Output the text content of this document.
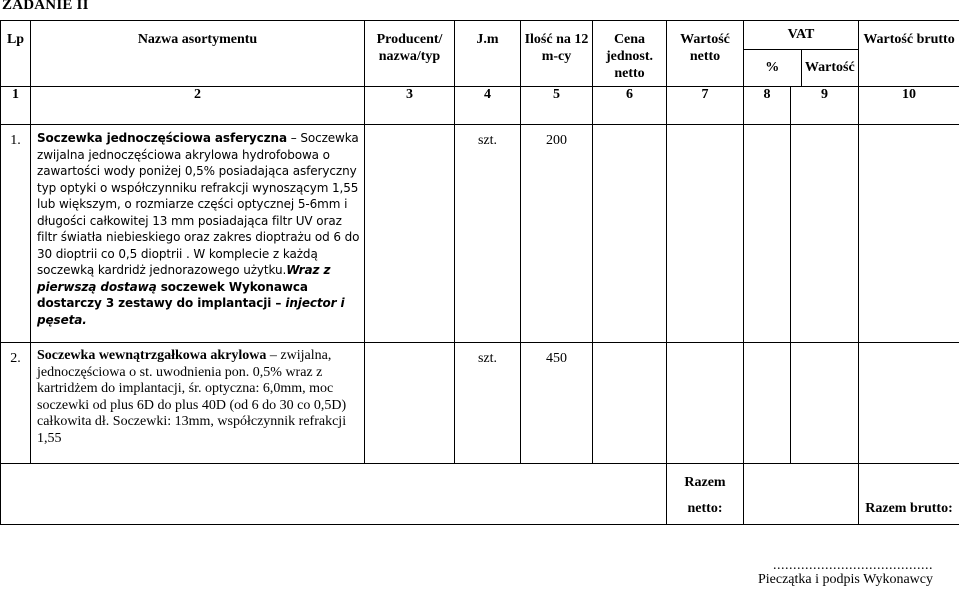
ZADANIE II
Lp	Nazwa asortymentu	Producent/ nazwa/typ	J.m	Ilość na 12 m-cy	Cena jednost. netto	Wartość netto	VAT
% Wartość		Wartość brutto
1	2	3	4	5	6	7	8	9	10
1.	Soczewka jednoczęściowa asferyczna – Soczewka zwijalna jednoczęściowa akrylowa hydrofobowa o zawartości wody poniżej 0,5% posiadająca asferyczny typ optyki o współczynniku refrakcji wynoszącym 1,55 lub większym, o rozmiarze części optycznej 5-6mm i długości całkowitej 13 mm posiadająca filtr UV oraz filtr światła niebieskiego oraz zakres dioptrażu od 6 do 30 dioptrii co 0,5 dioptrii . W komplecie z każdą soczewką kardridż jednorazowego użytku.Wraz z pierwszą dostawą soczewek Wykonawca dostarczy 3 zestawy do implantacji – injector i pęseta.		szt.	200					
2.	Soczewka wewnątrzgałkowa akrylowa – zwijalna, jednoczęściowa o st. uwodnienia pon. 0,5% wraz z kartridżem do implantacji, śr. optyczna: 6,0mm, moc soczewki od plus 6D do plus 40D (od 6 do 30 co 0,5D) całkowita dł. Soczewki: 13mm, współczynnik refrakcji 1,55		szt.	450					
						Razem netto:			Razem brutto:
........................................
Pieczątka i podpis Wykonawcy
